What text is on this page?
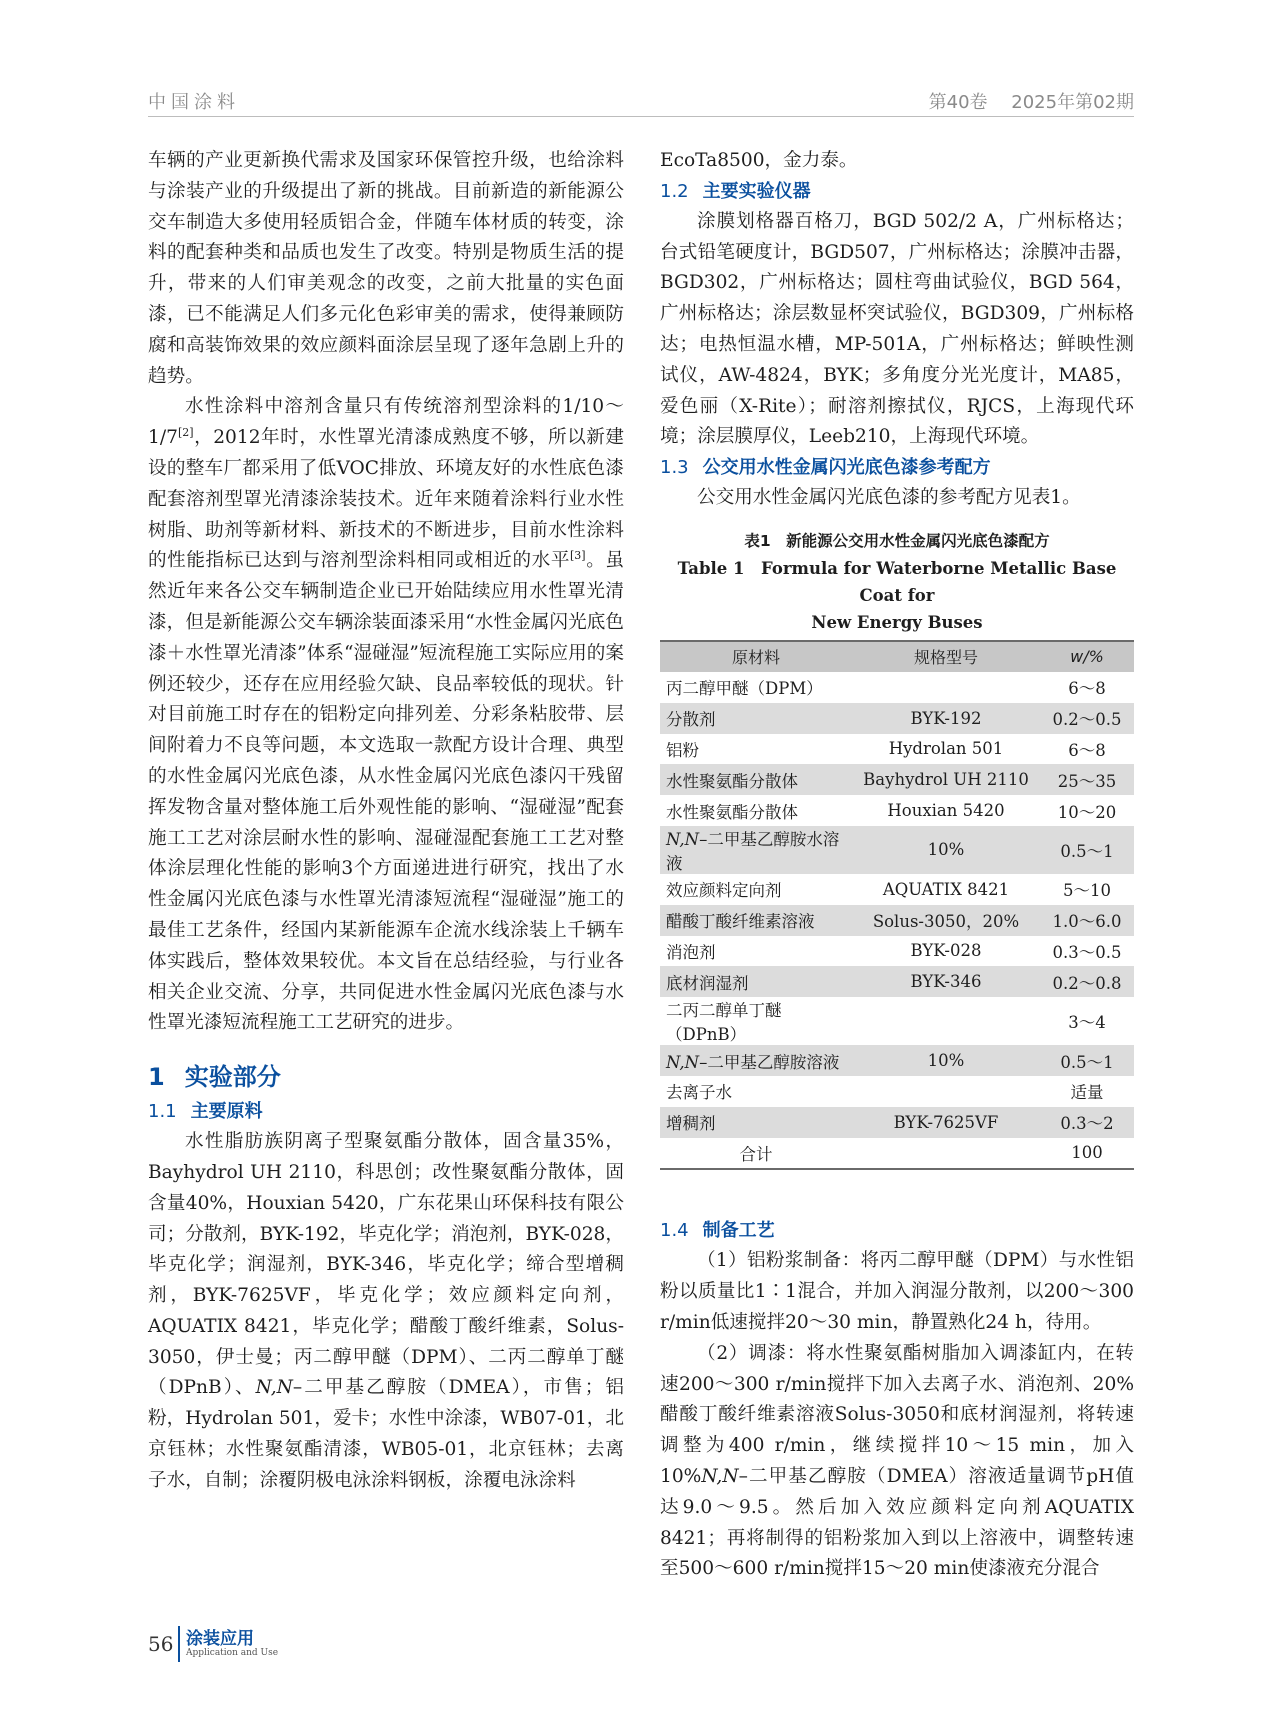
中国涂料	第40卷 2025年第02期

车辆的产业更新换代需求及国家环保管控升级，也给涂料与涂装产业的升级提出了新的挑战。目前新造的新能源公交车制造大多使用轻质铝合金，伴随车体材质的转变，涂料的配套种类和品质也发生了改变。特别是物质生活的提升，带来的人们审美观念的改变，之前大批量的实色面漆，已不能满足人们多元化色彩审美的需求，使得兼顾防腐和高装饰效果的效应颜料面涂层呈现了逐年急剧上升的趋势。

水性涂料中溶剂含量只有传统溶剂型涂料的1/10～1/7[2]，2012年时，水性罩光清漆成熟度不够，所以新建设的整车厂都采用了低VOC排放、环境友好的水性底色漆配套溶剂型罩光清漆涂装技术。近年来随着涂料行业水性树脂、助剂等新材料、新技术的不断进步，目前水性涂料的性能指标已达到与溶剂型涂料相同或相近的水平[3]。虽然近年来各公交车辆制造企业已开始陆续应用水性罩光清漆，但是新能源公交车辆涂装面漆采用“水性金属闪光底色漆＋水性罩光清漆”体系“湿碰湿”短流程施工实际应用的案例还较少，还存在应用经验欠缺、良品率较低的现状。针对目前施工时存在的铝粉定向排列差、分彩条粘胶带、层间附着力不良等问题，本文选取一款配方设计合理、典型的水性金属闪光底色漆，从水性金属闪光底色漆闪干残留挥发物含量对整体施工后外观性能的影响、“湿碰湿”配套施工工艺对涂层耐水性的影响、湿碰湿配套施工工艺对整体涂层理化性能的影响3个方面递进进行研究，找出了水性金属闪光底色漆与水性罩光清漆短流程“湿碰湿”施工的最佳工艺条件，经国内某新能源车企流水线涂装上千辆车体实践后，整体效果较优。本文旨在总结经验，与行业各相关企业交流、分享，共同促进水性金属闪光底色漆与水性罩光漆短流程施工工艺研究的进步。

1 实验部分
1.1 主要原料

水性脂肪族阴离子型聚氨酯分散体，固含量35%，Bayhydrol UH 2110，科思创；改性聚氨酯分散体，固含量40%，Houxian 5420，广东花果山环保科技有限公司；分散剂，BYK-192，毕克化学；消泡剂，BYK-028，毕克化学；润湿剂，BYK-346，毕克化学；缔合型增稠剂，BYK-7625VF，毕克化学；效应颜料定向剂，AQUATIX 8421，毕克化学；醋酸丁酸纤维素，Solus-3050，伊士曼；丙二醇甲醚（DPM）、二丙二醇单丁醚（DPnB）、N,N–二甲基乙醇胺（DMEA），市售；铝粉，Hydrolan 501，爱卡；水性中涂漆，WB07-01，北京钰林；水性聚氨酯清漆，WB05-01，北京钰林；去离子水，自制；涂覆阴极电泳涂料钢板，涂覆电泳涂料

EcoTa8500，金力泰。

1.2 主要实验仪器

涂膜划格器百格刀，BGD 502/2 A，广州标格达；台式铅笔硬度计，BGD507，广州标格达；涂膜冲击器，BGD302，广州标格达；圆柱弯曲试验仪，BGD 564，广州标格达；涂层数显杯突试验仪，BGD309，广州标格达；电热恒温水槽，MP-501A，广州标格达；鲜映性测试仪，AW-4824，BYK；多角度分光光度计，MA85，爱色丽（X-Rite）；耐溶剂擦拭仪，RJCS，上海现代环境；涂层膜厚仪，Leeb210，上海现代环境。

1.3 公交用水性金属闪光底色漆参考配方

公交用水性金属闪光底色漆的参考配方见表1。

表1　新能源公交用水性金属闪光底色漆配方
Table 1　Formula for Waterborne Metallic Base Coat for
New Energy Buses
原材料	规格型号	w/%
丙二醇甲醚（DPM）		6～8
分散剂	BYK-192	0.2～0.5
铝粉	Hydrolan 501	6～8
水性聚氨酯分散体	Bayhydrol UH 2110	25～35
水性聚氨酯分散体	Houxian 5420	10～20
N,N–二甲基乙醇胺水溶液	10%	0.5～1
效应颜料定向剂	AQUATIX 8421	5～10
醋酸丁酸纤维素溶液	Solus-3050，20%	1.0～6.0
消泡剂	BYK-028	0.3～0.5
底材润湿剂	BYK-346	0.2～0.8
二丙二醇单丁醚（DPnB）		3～4
N,N–二甲基乙醇胺溶液	10%	0.5～1
去离子水		适量
增稠剂	BYK-7625VF	0.3～2
合计		100
1.4 制备工艺

（1）铝粉浆制备：将丙二醇甲醚（DPM）与水性铝粉以质量比1∶1混合，并加入润湿分散剂，以200～300 r/min低速搅拌20～30 min，静置熟化24 h，待用。

（2）调漆：将水性聚氨酯树脂加入调漆缸内，在转速200～300 r/min搅拌下加入去离子水、消泡剂、20%醋酸丁酸纤维素溶液Solus-3050和底材润湿剂，将转速调整为400 r/min，继续搅拌10～15 min，加入10%N,N–二甲基乙醇胺（DMEA）溶液适量调节pH值达9.0～9.5。然后加入效应颜料定向剂AQUATIX 8421；再将制得的铝粉浆加入到以上溶液中，调整转速至500～600 r/min搅拌15～20 min使漆液充分混合

56 涂装应用
Application and Use
